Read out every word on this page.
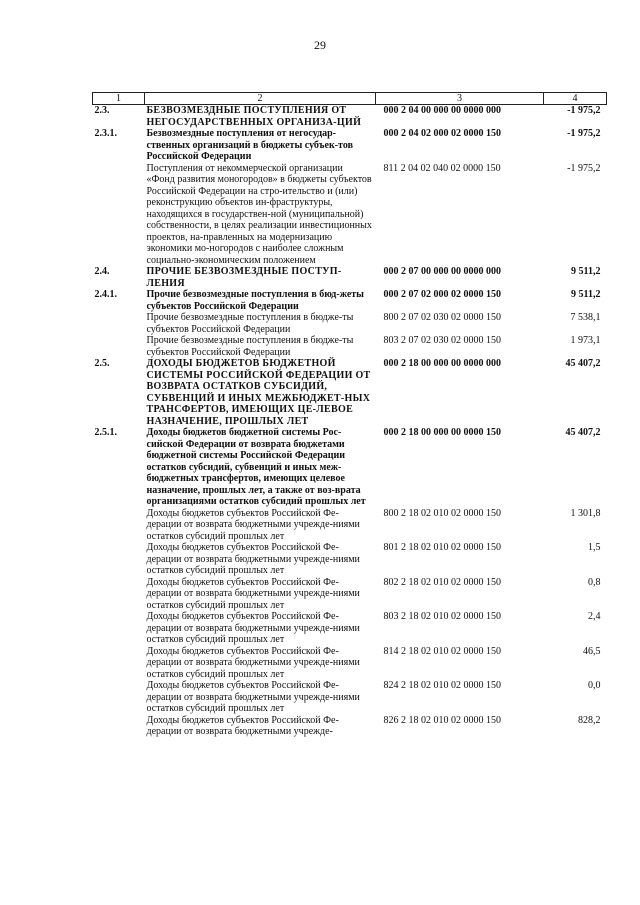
29
1	2	3	4
2.3.	БЕЗВОЗМЕЗДНЫЕ ПОСТУПЛЕНИЯ ОТ НЕГОСУДАРСТВЕННЫХ ОРГАНИЗА-ЦИЙ	000 2 04 00 000 00 0000 000	-1 975,2
2.3.1.	Безвозмездные поступления от негосудар-ственных организаций в бюджеты субъек-тов Российской Федерации	000 2 04 02 000 02 0000 150	-1 975,2
	Поступления от некоммерческой организации «Фонд развития моногородов» в бюджеты субъектов Российской Федерации на стро-ительство и (или) реконструкцию объектов ин-фраструктуры, находящихся в государствен-ной (муниципальной) собственности, в целях реализации инвестиционных проектов, на-правленных на модернизацию экономики мо-ногородов с наиболее сложным социально-экономическим положением	811 2 04 02 040 02 0000 150	-1 975,2
2.4.	ПРОЧИЕ БЕЗВОЗМЕЗДНЫЕ ПОСТУП-ЛЕНИЯ	000 2 07 00 000 00 0000 000	9 511,2
2.4.1.	Прочие безвозмездные поступления в бюд-жеты субъектов Российской Федерации	000 2 07 02 000 02 0000 150	9 511,2
	Прочие безвозмездные поступления в бюдже-ты субъектов Российской Федерации	800 2 07 02 030 02 0000 150	7 538,1
	Прочие безвозмездные поступления в бюдже-ты субъектов Российской Федерации	803 2 07 02 030 02 0000 150	1 973,1
2.5.	ДОХОДЫ БЮДЖЕТОВ БЮДЖЕТНОЙ СИСТЕМЫ РОССИЙСКОЙ ФЕДЕРАЦИИ ОТ ВОЗВРАТА ОСТАТКОВ СУБСИДИЙ, СУБВЕНЦИЙ И ИНЫХ МЕЖБЮДЖЕТ-НЫХ ТРАНСФЕРТОВ, ИМЕЮЩИХ ЦЕ-ЛЕВОЕ НАЗНАЧЕНИЕ, ПРОШЛЫХ ЛЕТ	000 2 18 00 000 00 0000 000	45 407,2
2.5.1.	Доходы бюджетов бюджетной системы Рос-сийской Федерации от возврата бюджетами бюджетной системы Российской Федерации остатков субсидий, субвенций и иных меж-бюджетных трансфертов, имеющих целевое назначение, прошлых лет, а также от воз-врата организациями остатков субсидий прошлых лет	000 2 18 00 000 00 0000 150	45 407,2
	Доходы бюджетов субъектов Российской Фе-дерации от возврата бюджетными учрежде-ниями остатков субсидий прошлых лет	800 2 18 02 010 02 0000 150	1 301,8
	Доходы бюджетов субъектов Российской Фе-дерации от возврата бюджетными учрежде-ниями остатков субсидий прошлых лет	801 2 18 02 010 02 0000 150	1,5
	Доходы бюджетов субъектов Российской Фе-дерации от возврата бюджетными учрежде-ниями остатков субсидий прошлых лет	802 2 18 02 010 02 0000 150	0,8
	Доходы бюджетов субъектов Российской Фе-дерации от возврата бюджетными учрежде-ниями остатков субсидий прошлых лет	803 2 18 02 010 02 0000 150	2,4
	Доходы бюджетов субъектов Российской Фе-дерации от возврата бюджетными учрежде-ниями остатков субсидий прошлых лет	814 2 18 02 010 02 0000 150	46,5
	Доходы бюджетов субъектов Российской Фе-дерации от возврата бюджетными учрежде-ниями остатков субсидий прошлых лет	824 2 18 02 010 02 0000 150	0,0
	Доходы бюджетов субъектов Российской Фе-дерации от возврата бюджетными учрежде-	826 2 18 02 010 02 0000 150	828,2
